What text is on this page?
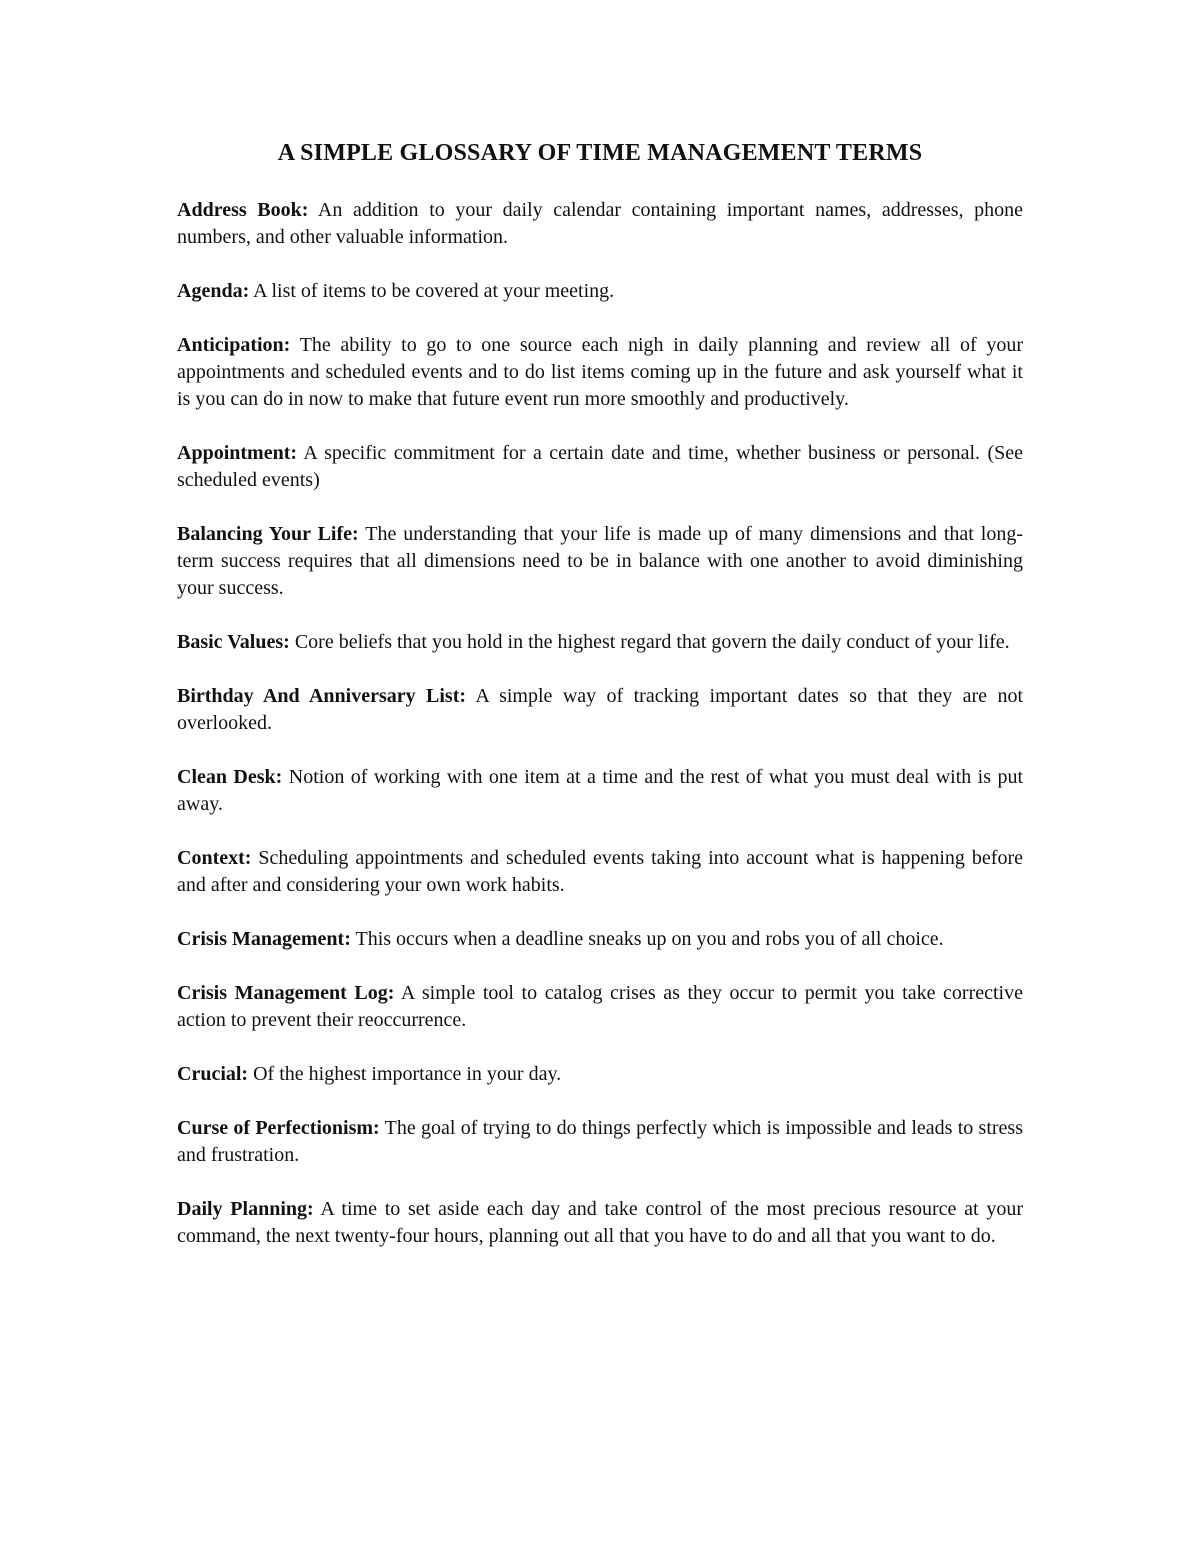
A SIMPLE GLOSSARY OF TIME MANAGEMENT TERMS

Address Book: An addition to your daily calendar containing important names, addresses, phone numbers, and other valuable information.

Agenda: A list of items to be covered at your meeting.

Anticipation: The ability to go to one source each nigh in daily planning and review all of your appointments and scheduled events and to do list items coming up in the future and ask yourself what it is you can do in now to make that future event run more smoothly and productively.

Appointment: A specific commitment for a certain date and time, whether business or personal. (See scheduled events)

Balancing Your Life: The understanding that your life is made up of many dimensions and that long-term success requires that all dimensions need to be in balance with one another to avoid diminishing your success.

Basic Values: Core beliefs that you hold in the highest regard that govern the daily conduct of your life.

Birthday And Anniversary List: A simple way of tracking important dates so that they are not overlooked.

Clean Desk: Notion of working with one item at a time and the rest of what you must deal with is put away.

Context: Scheduling appointments and scheduled events taking into account what is happening before and after and considering your own work habits.

Crisis Management: This occurs when a deadline sneaks up on you and robs you of all choice.

Crisis Management Log: A simple tool to catalog crises as they occur to permit you take corrective action to prevent their reoccurrence.

Crucial: Of the highest importance in your day.

Curse of Perfectionism: The goal of trying to do things perfectly which is impossible and leads to stress and frustration.

Daily Planning: A time to set aside each day and take control of the most precious resource at your command, the next twenty-four hours, planning out all that you have to do and all that you want to do.
